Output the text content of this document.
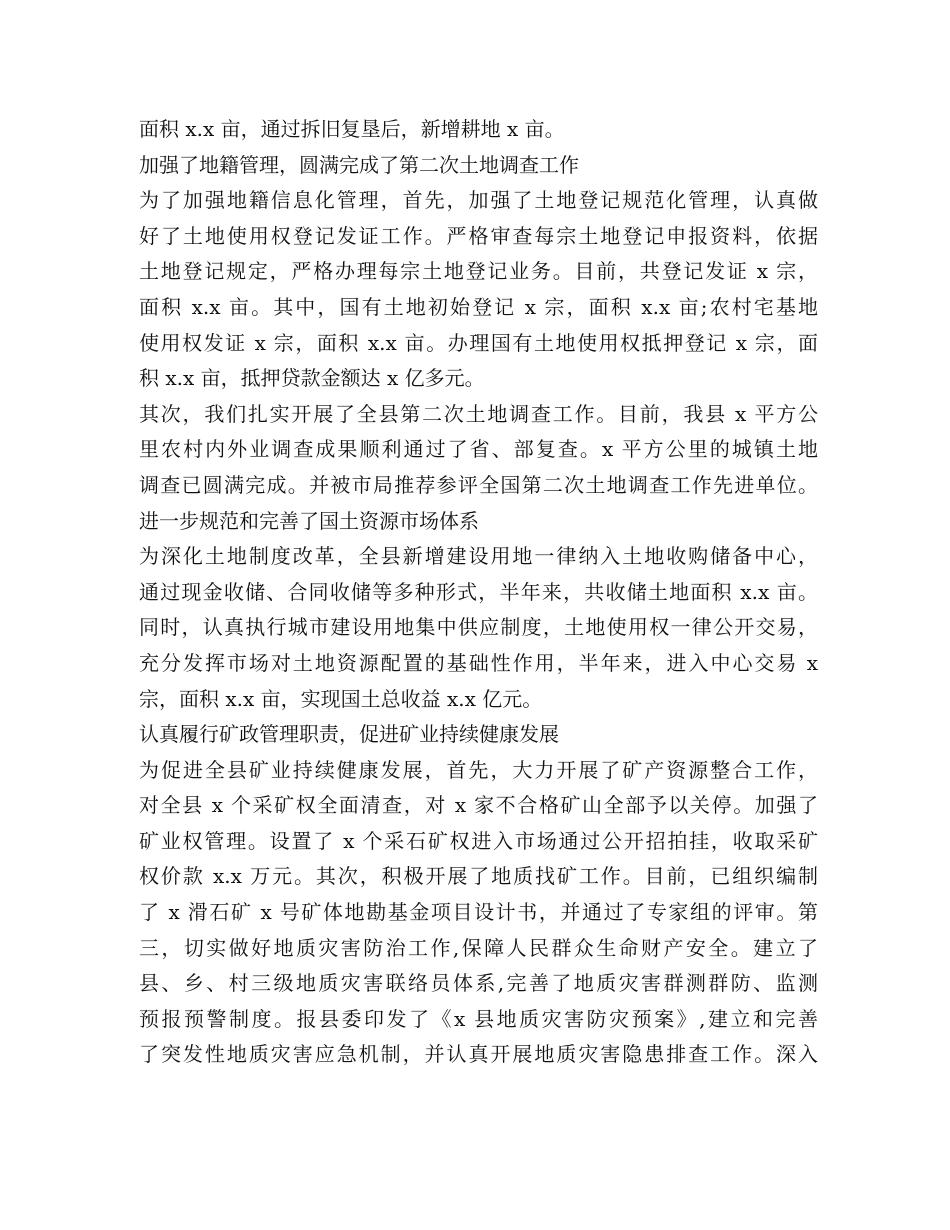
面积 x.x 亩，通过拆旧复垦后，新增耕地 x 亩。

加强了地籍管理，圆满完成了第二次土地调查工作

为了加强地籍信息化管理，首先，加强了土地登记规范化管理，认真做

好了土地使用权登记发证工作。严格审查每宗土地登记申报资料，依据

土地登记规定，严格办理每宗土地登记业务。目前，共登记发证 x 宗，

面积 x.x 亩。其中，国有土地初始登记 x 宗，面积 x.x 亩;农村宅基地

使用权发证 x 宗，面积 x.x 亩。办理国有土地使用权抵押登记 x 宗，面

积 x.x 亩，抵押贷款金额达 x 亿多元。

其次，我们扎实开展了全县第二次土地调查工作。目前，我县 x 平方公

里农村内外业调查成果顺利通过了省、部复查。x 平方公里的城镇土地

调查已圆满完成。并被市局推荐参评全国第二次土地调查工作先进单位。

进一步规范和完善了国土资源市场体系

为深化土地制度改革，全县新增建设用地一律纳入土地收购储备中心，

通过现金收储、合同收储等多种形式，半年来，共收储土地面积 x.x 亩。

同时，认真执行城市建设用地集中供应制度，土地使用权一律公开交易，

充分发挥市场对土地资源配置的基础性作用，半年来，进入中心交易 x

宗，面积 x.x 亩，实现国土总收益 x.x 亿元。

认真履行矿政管理职责，促进矿业持续健康发展

为促进全县矿业持续健康发展，首先，大力开展了矿产资源整合工作，

对全县 x 个采矿权全面清查，对 x 家不合格矿山全部予以关停。加强了

矿业权管理。设置了 x 个采石矿权进入市场通过公开招拍挂，收取采矿

权价款 x.x 万元。其次，积极开展了地质找矿工作。目前，已组织编制

了 x 滑石矿 x 号矿体地勘基金项目设计书，并通过了专家组的评审。第

三，切实做好地质灾害防治工作,保障人民群众生命财产安全。建立了

县、乡、村三级地质灾害联络员体系,完善了地质灾害群测群防、监测

预报预警制度。报县委印发了《x 县地质灾害防灾预案》,建立和完善

了突发性地质灾害应急机制，并认真开展地质灾害隐患排查工作。深入
